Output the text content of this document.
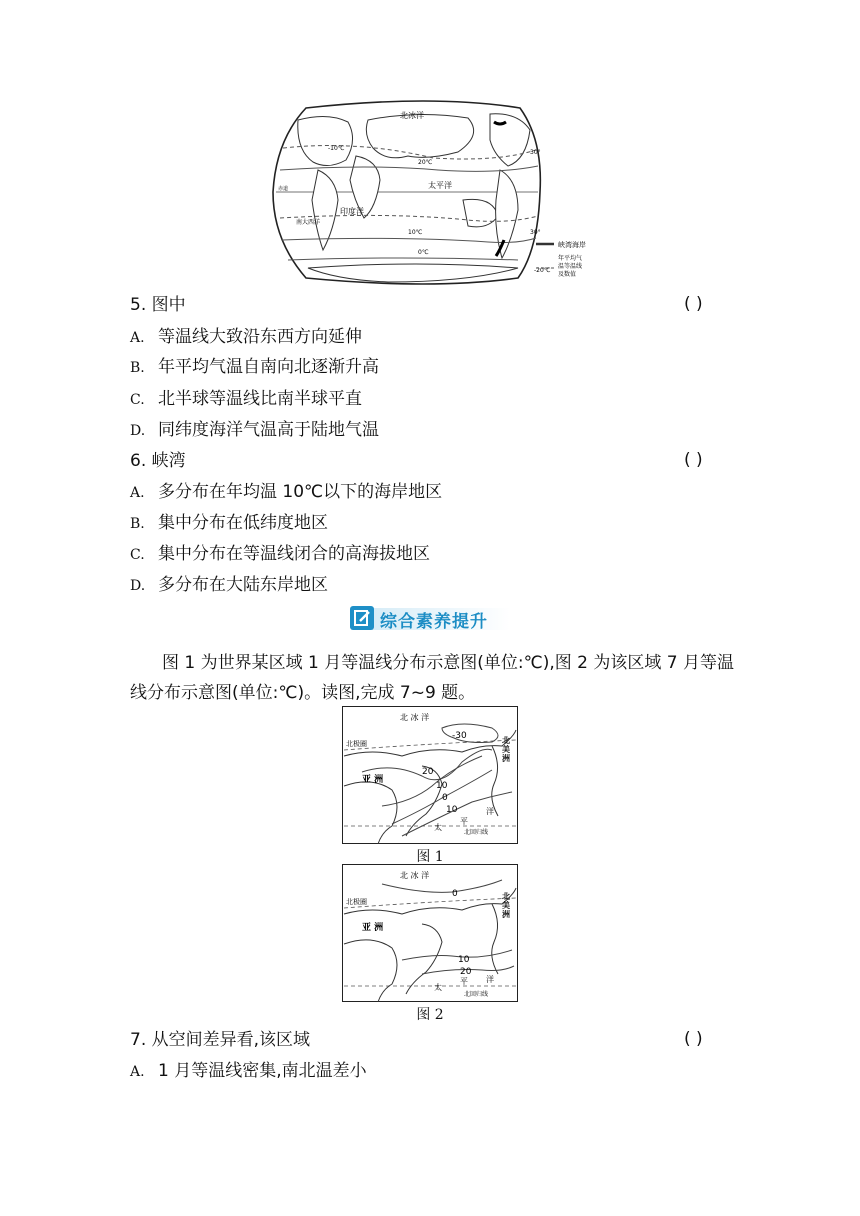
北冰洋
太平洋
印度洋
南大西洋
20℃
10℃
0℃
-10℃
30°
30°
赤道
峡湾海岸
-20℃
年平均气
温等温线
及数值
5. 图中	( )
A. 等温线大致沿东西方向延伸
B. 年平均气温自南向北逐渐升高
C. 北半球等温线比南半球平直
D. 同纬度海洋气温高于陆地气温
6. 峡湾	( )
A. 多分布在年均温 10℃以下的海岸地区
B. 集中分布在低纬度地区
C. 集中分布在等温线闭合的高海拔地区
D. 多分布在大陆东岸地区
综合素养提升
图 1 为世界某区域 1 月等温线分布示意图(单位:℃),图 2 为该区域 7 月等温
线分布示意图(单位:℃)。读图,完成 7~9 题。
北 冰 洋
北极圈
亚 洲
北回归线
太
平
洋
-30
20
10
0
10
北美洲
图 1
北 冰 洋
北极圈
亚 洲
北回归线
太
平 洋
0
10
20
北美洲
图 2
7. 从空间差异看,该区域	( )
A. 1 月等温线密集,南北温差小
